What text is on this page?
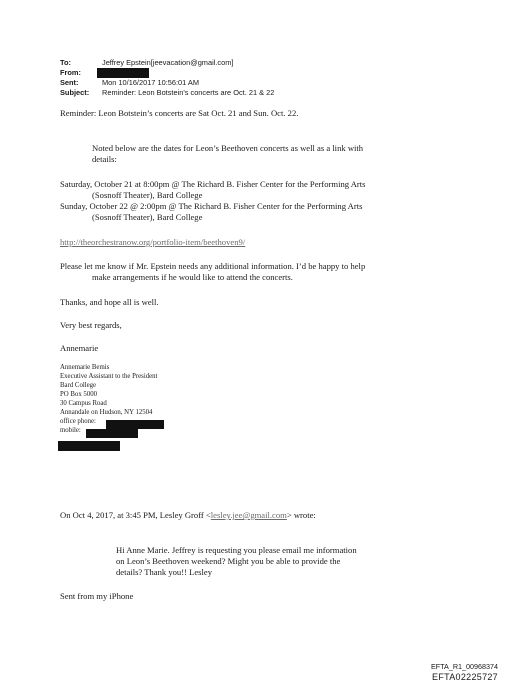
To:	Jeffrey Epstein[jeevacation@gmail.com]
From:
Sent:	Mon 10/16/2017 10:56:01 AM
Subject: Reminder: Leon Botstein's concerts are Oct. 21 & 22
Reminder: Leon Botstein’s concerts are Sat Oct. 21 and Sun. Oct. 22.
Noted below are the dates for Leon’s Beethoven concerts as well as a link with
details:
Saturday, October 21 at 8:00pm @ The Richard B. Fisher Center for the Performing Arts
(Sosnoff Theater), Bard College
Sunday, October 22 @ 2:00pm @ The Richard B. Fisher Center for the Performing Arts
(Sosnoff Theater), Bard College
http://theorchestranow.org/portfolio-item/beethoven9/
Please let me know if Mr. Epstein needs any additional information. I’d be happy to help
make arrangements if he would like to attend the concerts.
Thanks, and hope all is well.
Very best regards,
Annemarie
Annemarie Bemis
Executive Assistant to the President
Bard College
PO Box 5000
30 Campus Road
Annandale on Hudson, NY 12504
office phone:
mobile:
On Oct 4, 2017, at 3:45 PM, Lesley Groff <lesley.jee@gmail.com> wrote:
Hi Anne Marie. Jeffrey is requesting you please email me information
on Leon’s Beethoven weekend? Might you be able to provide the
details? Thank you!! Lesley
Sent from my iPhone
EFTA_R1_00968374
EFTA02225727
